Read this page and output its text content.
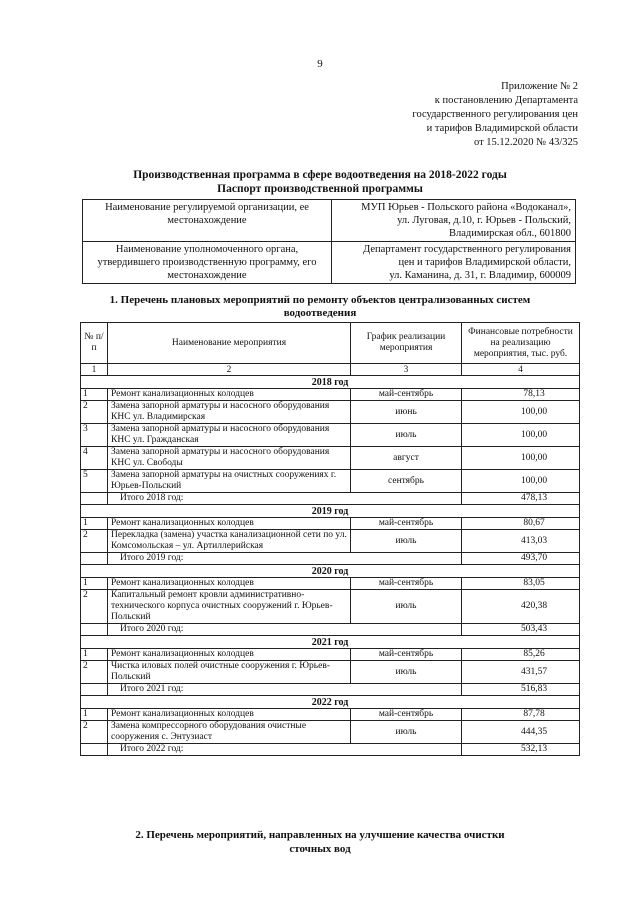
9
Приложение № 2
к постановлению Департамента
государственного регулирования цен
и тарифов Владимирской области
от 15.12.2020 № 43/325
Производственная программа в сфере водоотведения на 2018-2022 годы
Паспорт производственной программы
Наименование регулируемой организации, ее местонахождение	МУП Юрьев - Польского района «Водоканал»,
ул. Луговая, д.10, г. Юрьев - Польский,
Владимирская обл., 601800

Наименование уполномоченного органа, утвердившего производственную программу, его местонахождение	Департамент государственного регулирования
цен и тарифов Владимирской области,
ул. Каманина, д. 31, г. Владимир, 600009
1. Перечень плановых мероприятий по ремонту объектов централизованных систем
водоотведения
№ п/п	Наименование мероприятия	График реализации мероприятия	Финансовые потребности на реализацию мероприятия, тыс. руб.
1	2	3	4
2018 год			
1	Ремонт канализационных колодцев	май-сентябрь	78,13
2	Замена запорной арматуры и насосного оборудования КНС ул. Владимирская	июнь	100,00
3	Замена запорной арматуры и насосного оборудования КНС ул. Гражданская	июль	100,00
4	Замена запорной арматуры и насосного оборудования КНС ул. Свободы	август	100,00
5	Замена запорной арматуры на очистных сооружениях г. Юрьев-Польский	сентябрь	100,00
	Итого 2018 год:		478,13
2019 год			
1	Ремонт канализационных колодцев	май-сентябрь	80,67
2	Перекладка (замена) участка канализационной сети по ул. Комсомольская – ул. Артиллерийская	июль	413,03
	Итого 2019 год:		493,70
2020 год			
1	Ремонт канализационных колодцев	май-сентябрь	83,05
2	Капитальный ремонт кровли административно-технического корпуса очистных сооружений г. Юрьев-Польский	июль	420,38
	Итого 2020 год:		503,43
2021 год			
1	Ремонт канализационных колодцев	май-сентябрь	85,26
2	Чистка иловых полей очистные сооружения г. Юрьев-Польский	июль	431,57
	Итого 2021 год:		516,83
2022 год			
1	Ремонт канализационных колодцев	май-сентябрь	87,78
2	Замена компрессорного оборудования очистные сооружения с. Энтузиаст	июль	444,35
	Итого 2022 год:		532,13
2. Перечень мероприятий, направленных на улучшение качества очистки
сточных вод
